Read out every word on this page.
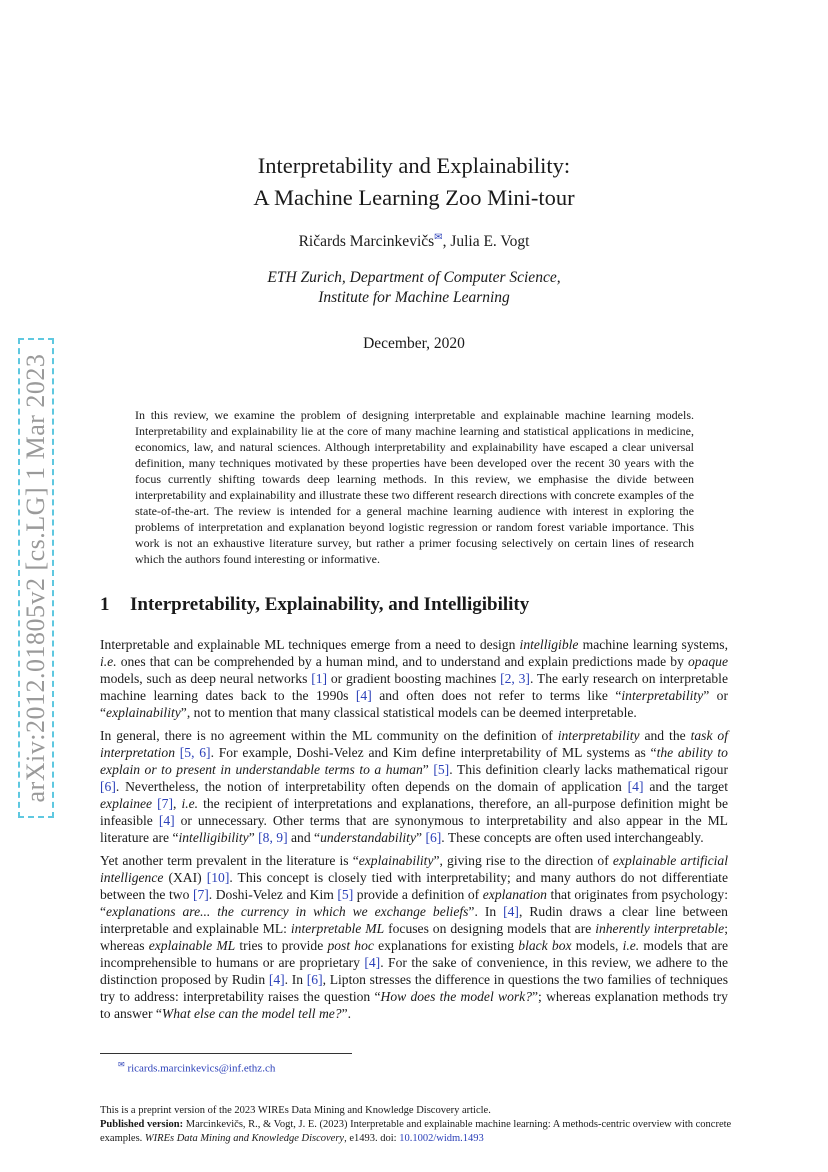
arXiv:2012.01805v2 [cs.LG] 1 Mar 2023
Interpretability and Explainability:
A Machine Learning Zoo Mini-tour
Ričards Marcinkevičs✉, Julia E. Vogt
ETH Zurich, Department of Computer Science,
Institute for Machine Learning
December, 2020
In this review, we examine the problem of designing interpretable and explainable machine learning models. Interpretability and explainability lie at the core of many machine learning and statistical applications in medicine, economics, law, and natural sciences. Although interpretability and explainability have escaped a clear universal definition, many techniques motivated by these properties have been developed over the recent 30 years with the focus currently shifting towards deep learning methods. In this review, we emphasise the divide between interpretability and explainability and illustrate these two different research directions with concrete examples of the state-of-the-art. The review is intended for a general machine learning audience with interest in exploring the problems of interpretation and explanation beyond logistic regression or random forest variable importance. This work is not an exhaustive literature survey, but rather a primer focusing selectively on certain lines of research which the authors found interesting or informative.
1 Interpretability, Explainability, and Intelligibility

Interpretable and explainable ML techniques emerge from a need to design intelligible machine learning systems, i.e. ones that can be comprehended by a human mind, and to understand and explain predictions made by opaque models, such as deep neural networks [1] or gradient boosting machines [2, 3]. The early research on interpretable machine learning dates back to the 1990s [4] and often does not refer to terms like “interpretability” or “explainability”, not to mention that many classical statistical models can be deemed interpretable.

In general, there is no agreement within the ML community on the definition of interpretability and the task of interpretation [5, 6]. For example, Doshi-Velez and Kim define interpretability of ML systems as “the ability to explain or to present in understandable terms to a human” [5]. This definition clearly lacks mathematical rigour [6]. Nevertheless, the notion of interpretability often depends on the domain of application [4] and the target explainee [7], i.e. the recipient of interpretations and explanations, therefore, an all-purpose definition might be infeasible [4] or unnecessary. Other terms that are synonymous to interpretability and also appear in the ML literature are “intelligibility” [8, 9] and “understandability” [6]. These concepts are often used interchangeably.

Yet another term prevalent in the literature is “explainability”, giving rise to the direction of explainable artificial intelligence (XAI) [10]. This concept is closely tied with interpretability; and many authors do not differentiate between the two [7]. Doshi-Velez and Kim [5] provide a definition of explanation that originates from psychology: “explanations are... the currency in which we exchange beliefs”. In [4], Rudin draws a clear line between interpretable and explainable ML: interpretable ML focuses on designing models that are inherently interpretable; whereas explainable ML tries to provide post hoc explanations for existing black box models, i.e. models that are incomprehensible to humans or are proprietary [4]. For the sake of convenience, in this review, we adhere to the distinction proposed by Rudin [4]. In [6], Lipton stresses the difference in questions the two families of techniques try to address: interpretability raises the question “How does the model work?”; whereas explanation methods try to answer “What else can the model tell me?”.

✉ ricards.marcinkevics@inf.ethz.ch
This is a preprint version of the 2023 WIREs Data Mining and Knowledge Discovery article.
Published version: Marcinkevičs, R., & Vogt, J. E. (2023) Interpretable and explainable machine learning: A methods-centric overview with concrete examples. WIREs Data Mining and Knowledge Discovery, e1493. doi: 10.1002/widm.1493
